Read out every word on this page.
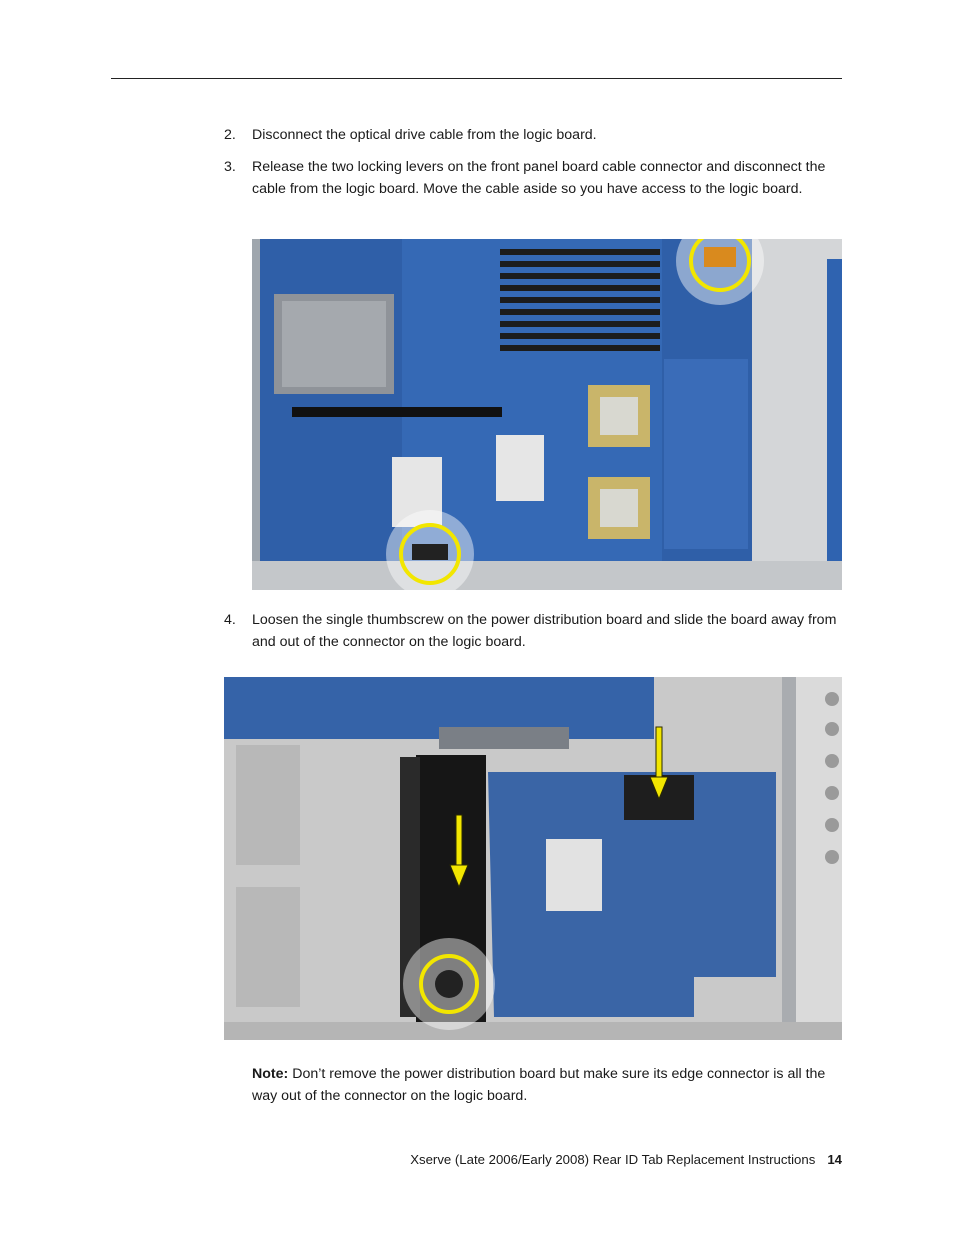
2. Disconnect the optical drive cable from the logic board.
3. Release the two locking levers on the front panel board cable connector and disconnect the cable from the logic board. Move the cable aside so you have access to the logic board.
4. Loosen the single thumbscrew on the power distribution board and slide the board away from and out of the connector on the logic board.
Note: Don’t remove the power distribution board but make sure its edge connector is all the way out of the connector on the logic board.
Xserve (Late 2006/Early 2008) Rear ID Tab Replacement Instructions 14
